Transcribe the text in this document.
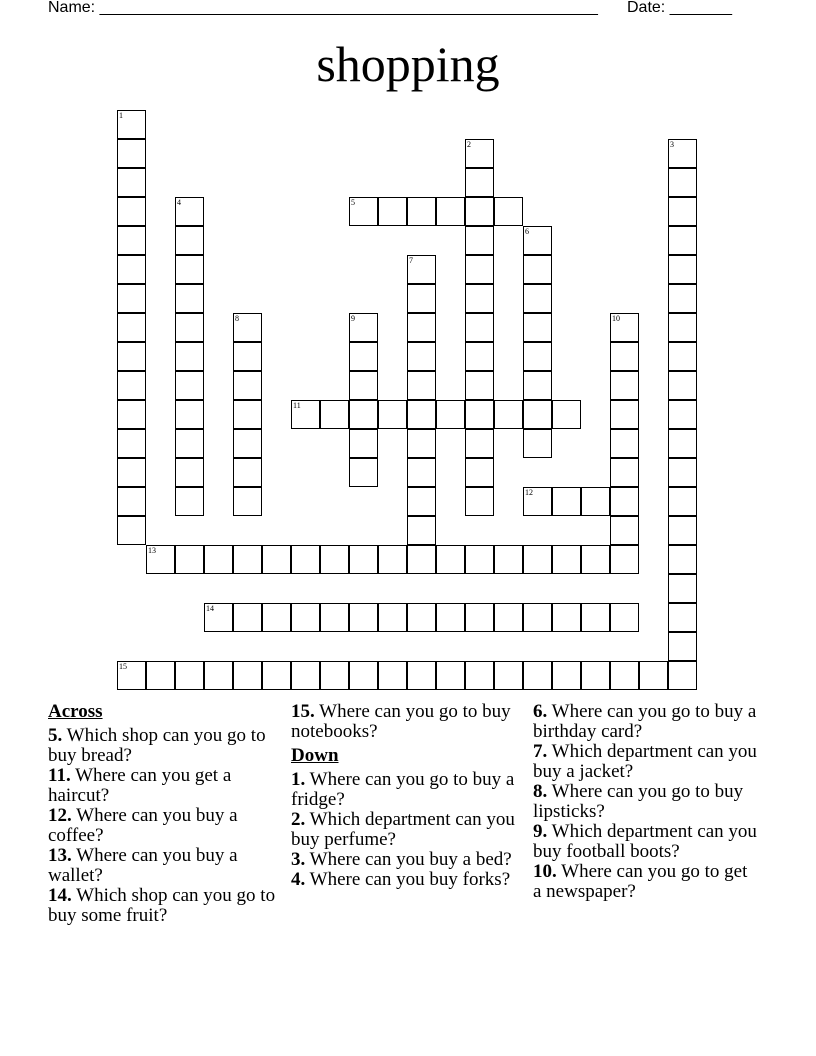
Name: ________________________________________________________ Date: _______
shopping
1
2	3
4	5
6
7
8	9	10
11
12
13
14
15
Across
5. Which shop can you go to buy bread?
11. Where can you get a haircut?
12. Where can you buy a coffee?
13. Where can you buy a wallet?
14. Which shop can you go to buy some fruit?
15. Where can you go to buy notebooks?
Down
1. Where can you go to buy a fridge?
2. Which department can you buy perfume?
3. Where can you buy a bed?
4. Where can you buy forks?
6. Where can you go to buy a birthday card?
7. Which department can you buy a jacket?
8. Where can you go to buy lipsticks?
9. Which department can you buy football boots?
10. Where can you go to get a newspaper?
